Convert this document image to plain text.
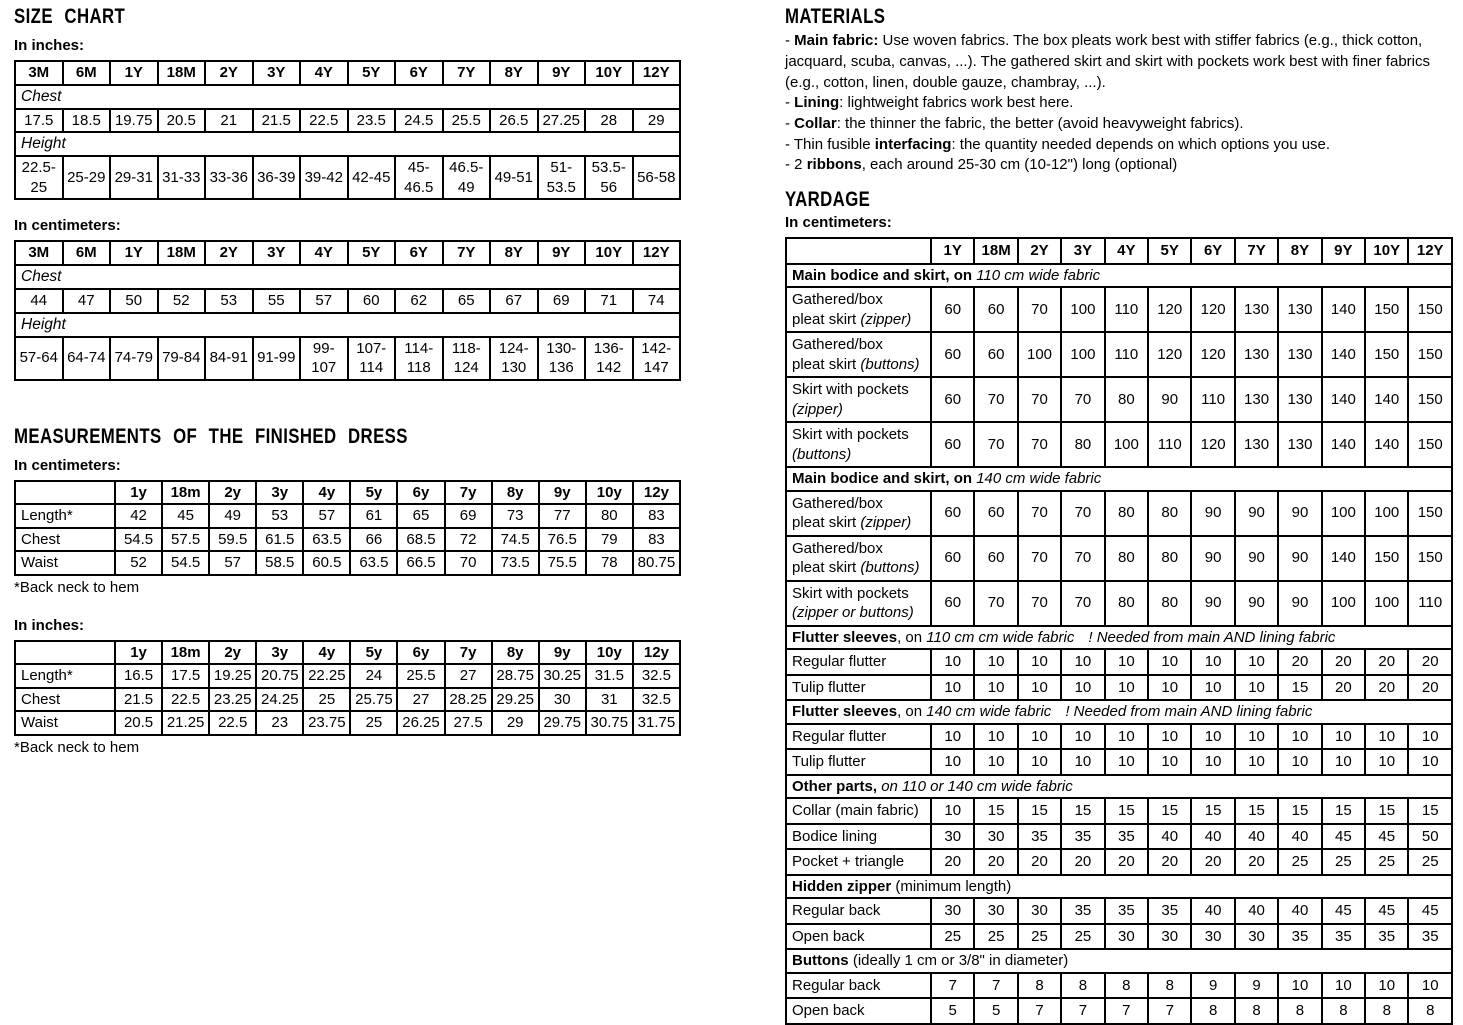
SIZE CHART
In inches:
3M	6M	1Y	18M	2Y	3Y	4Y	5Y	6Y	7Y	8Y	9Y	10Y	12Y
Chest													
17.5	18.5	19.75	20.5	21	21.5	22.5	23.5	24.5	25.5	26.5	27.25	28	29
Height													
22.5-25	25-29	29-31	31-33	33-36	36-39	39-42	42-45	45-46.5	46.5-49	49-51	51-53.5	53.5-56	56-58
In centimeters:
3M	6M	1Y	18M	2Y	3Y	4Y	5Y	6Y	7Y	8Y	9Y	10Y	12Y
Chest													
44	47	50	52	53	55	57	60	62	65	67	69	71	74
Height													
57-64	64-74	74-79	79-84	84-91	91-99	99-107	107-114	114-118	118-124	124-130	130-136	136-142	142-147
MEASUREMENTS OF THE FINISHED DRESS
In centimeters:
	1y	18m	2y	3y	4y	5y	6y	7y	8y	9y	10y	12y
Length*	42	45	49	53	57	61	65	69	73	77	80	83
Chest	54.5	57.5	59.5	61.5	63.5	66	68.5	72	74.5	76.5	79	83
Waist	52	54.5	57	58.5	60.5	63.5	66.5	70	73.5	75.5	78	80.75
*Back neck to hem
In inches:
	1y	18m	2y	3y	4y	5y	6y	7y	8y	9y	10y	12y
Length*	16.5	17.5	19.25	20.75	22.25	24	25.5	27	28.75	30.25	31.5	32.5
Chest	21.5	22.5	23.25	24.25	25	25.75	27	28.25	29.25	30	31	32.5
Waist	20.5	21.25	22.5	23	23.75	25	26.25	27.5	29	29.75	30.75	31.75
*Back neck to hem
MATERIALS
- Main fabric: Use woven fabrics. The box pleats work best with stiffer fabrics (e.g., thick cotton, jacquard, scuba, canvas, ...). The gathered skirt and skirt with pockets work best with finer fabrics (e.g., cotton, linen, double gauze, chambray, ...).
- Lining: lightweight fabrics work best here.
- Collar: the thinner the fabric, the better (avoid heavyweight fabrics).
- Thin fusible interfacing: the quantity needed depends on which options you use.
- 2 ribbons, each around 25-30 cm (10-12") long (optional)
YARDAGE
In centimeters:
	1Y	18M	2Y	3Y	4Y	5Y	6Y	7Y	8Y	9Y	10Y	12Y
Main bodice and skirt, on 110 cm wide fabric												
Gathered/box
pleat skirt (zipper)	60	60	70	100	110	120	120	130	130	140	150	150
Gathered/box
pleat skirt (buttons)	60	60	100	100	110	120	120	130	130	140	150	150
Skirt with pockets
(zipper)	60	70	70	70	80	90	110	130	130	140	140	150
Skirt with pockets
(buttons)	60	70	70	80	100	110	120	130	130	140	140	150
Main bodice and skirt, on 140 cm wide fabric												
Gathered/box
pleat skirt (zipper)	60	60	70	70	80	80	90	90	90	100	100	150
Gathered/box
pleat skirt (buttons)	60	60	70	70	80	80	90	90	90	140	150	150
Skirt with pockets
(zipper or buttons)	60	70	70	70	80	80	90	90	90	100	100	110
Flutter sleeves, on 110 cm cm wide fabric ! Needed from main AND lining fabric												
Regular flutter	10	10	10	10	10	10	10	10	20	20	20	20
Tulip flutter	10	10	10	10	10	10	10	10	15	20	20	20
Flutter sleeves, on 140 cm wide fabric ! Needed from main AND lining fabric												
Regular flutter	10	10	10	10	10	10	10	10	10	10	10	10
Tulip flutter	10	10	10	10	10	10	10	10	10	10	10	10
Other parts, on 110 or 140 cm wide fabric												
Collar (main fabric)	10	15	15	15	15	15	15	15	15	15	15	15
Bodice lining	30	30	35	35	35	40	40	40	40	45	45	50
Pocket + triangle	20	20	20	20	20	20	20	20	25	25	25	25
Hidden zipper (minimum length)												
Regular back	30	30	30	35	35	35	40	40	40	45	45	45
Open back	25	25	25	25	30	30	30	30	35	35	35	35
Buttons (ideally 1 cm or 3/8" in diameter)												
Regular back	7	7	8	8	8	8	9	9	10	10	10	10
Open back	5	5	7	7	7	7	8	8	8	8	8	8
